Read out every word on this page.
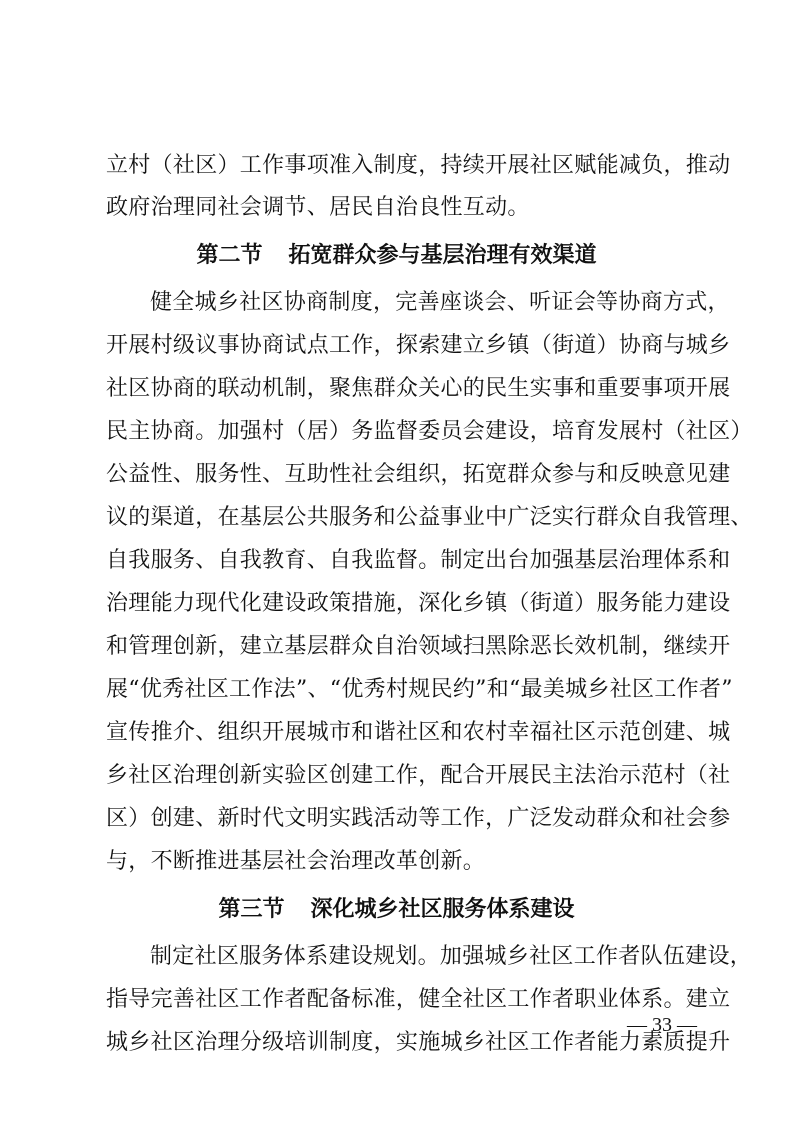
立村（社区）工作事项准入制度，持续开展社区赋能减负，推动
政府治理同社会调节、居民自治良性互动。
第二节 拓宽群众参与基层治理有效渠道
健全城乡社区协商制度，完善座谈会、听证会等协商方式，
开展村级议事协商试点工作，探索建立乡镇（街道）协商与城乡
社区协商的联动机制，聚焦群众关心的民生实事和重要事项开展
民主协商。加强村（居）务监督委员会建设，培育发展村（社区）
公益性、服务性、互助性社会组织，拓宽群众参与和反映意见建
议的渠道，在基层公共服务和公益事业中广泛实行群众自我管理、
自我服务、自我教育、自我监督。制定出台加强基层治理体系和
治理能力现代化建设政策措施，深化乡镇（街道）服务能力建设
和管理创新，建立基层群众自治领域扫黑除恶长效机制，继续开
展“优秀社区工作法”、“优秀村规民约”和“最美城乡社区工作者”
宣传推介、组织开展城市和谐社区和农村幸福社区示范创建、城
乡社区治理创新实验区创建工作，配合开展民主法治示范村（社
区）创建、新时代文明实践活动等工作，广泛发动群众和社会参
与，不断推进基层社会治理改革创新。
第三节 深化城乡社区服务体系建设
制定社区服务体系建设规划。加强城乡社区工作者队伍建设，
指导完善社区工作者配备标准，健全社区工作者职业体系。建立
城乡社区治理分级培训制度，实施城乡社区工作者能力素质提升
— 33 —
